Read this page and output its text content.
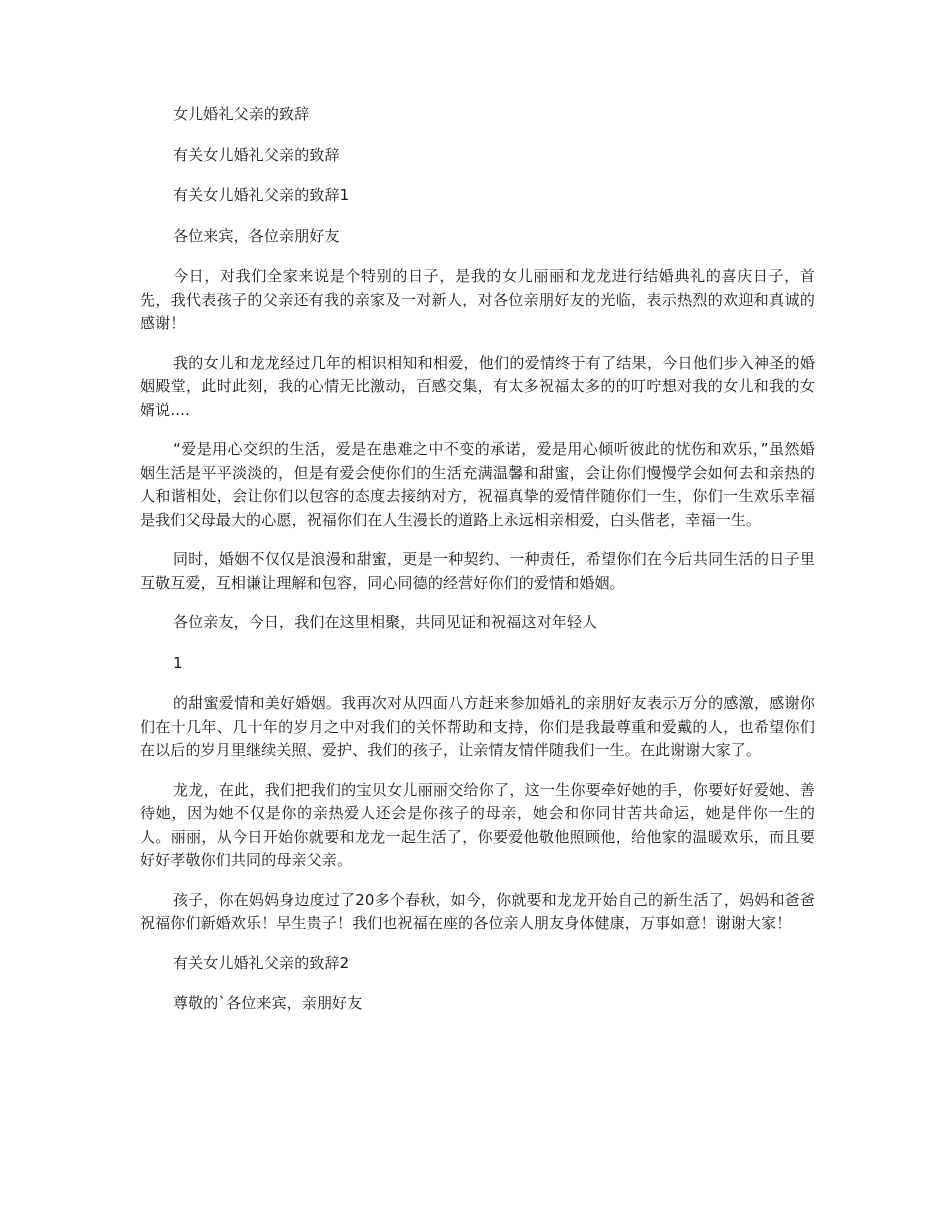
女儿婚礼父亲的致辞

有关女儿婚礼父亲的致辞

有关女儿婚礼父亲的致辞1

各位来宾，各位亲朋好友

今日，对我们全家来说是个特别的日子，是我的女儿丽丽和龙龙进行结婚典礼的喜庆日子，首先，我代表孩子的父亲还有我的亲家及一对新人，对各位亲朋好友的光临，表示热烈的欢迎和真诚的感谢！

我的女儿和龙龙经过几年的相识相知和相爱，他们的爱情终于有了结果，今日他们步入神圣的婚姻殿堂，此时此刻，我的心情无比激动，百感交集，有太多祝福太多的的叮咛想对我的女儿和我的女婿说....

“爱是用心交织的生活，爱是在患难之中不变的承诺，爱是用心倾听彼此的忧伤和欢乐，”虽然婚姻生活是平平淡淡的，但是有爱会使你们的生活充满温馨和甜蜜，会让你们慢慢学会如何去和亲热的人和谐相处，会让你们以包容的态度去接纳对方，祝福真挚的爱情伴随你们一生，你们一生欢乐幸福是我们父母最大的心愿，祝福你们在人生漫长的道路上永远相亲相爱，白头偕老，幸福一生。

同时，婚姻不仅仅是浪漫和甜蜜，更是一种契约、一种责任，希望你们在今后共同生活的日子里互敬互爱，互相谦让理解和包容，同心同德的经营好你们的爱情和婚姻。

各位亲友，今日，我们在这里相聚，共同见证和祝福这对年轻人

1

的甜蜜爱情和美好婚姻。我再次对从四面八方赶来参加婚礼的亲朋好友表示万分的感激，感谢你们在十几年、几十年的岁月之中对我们的关怀帮助和支持，你们是我最尊重和爱戴的人，也希望你们在以后的岁月里继续关照、爱护、我们的孩子，让亲情友情伴随我们一生。在此谢谢大家了。

龙龙，在此，我们把我们的宝贝女儿丽丽交给你了，这一生你要牵好她的手，你要好好爱她、善待她，因为她不仅是你的亲热爱人还会是你孩子的母亲，她会和你同甘苦共命运，她是伴你一生的人。丽丽，从今日开始你就要和龙龙一起生活了，你要爱他敬他照顾他，给他家的温暖欢乐，而且要好好孝敬你们共同的母亲父亲。

孩子，你在妈妈身边度过了20多个春秋，如今，你就要和龙龙开始自己的新生活了，妈妈和爸爸祝福你们新婚欢乐！早生贵子！我们也祝福在座的各位亲人朋友身体健康，万事如意！谢谢大家！

有关女儿婚礼父亲的致辞2

尊敬的`各位来宾，亲朋好友
